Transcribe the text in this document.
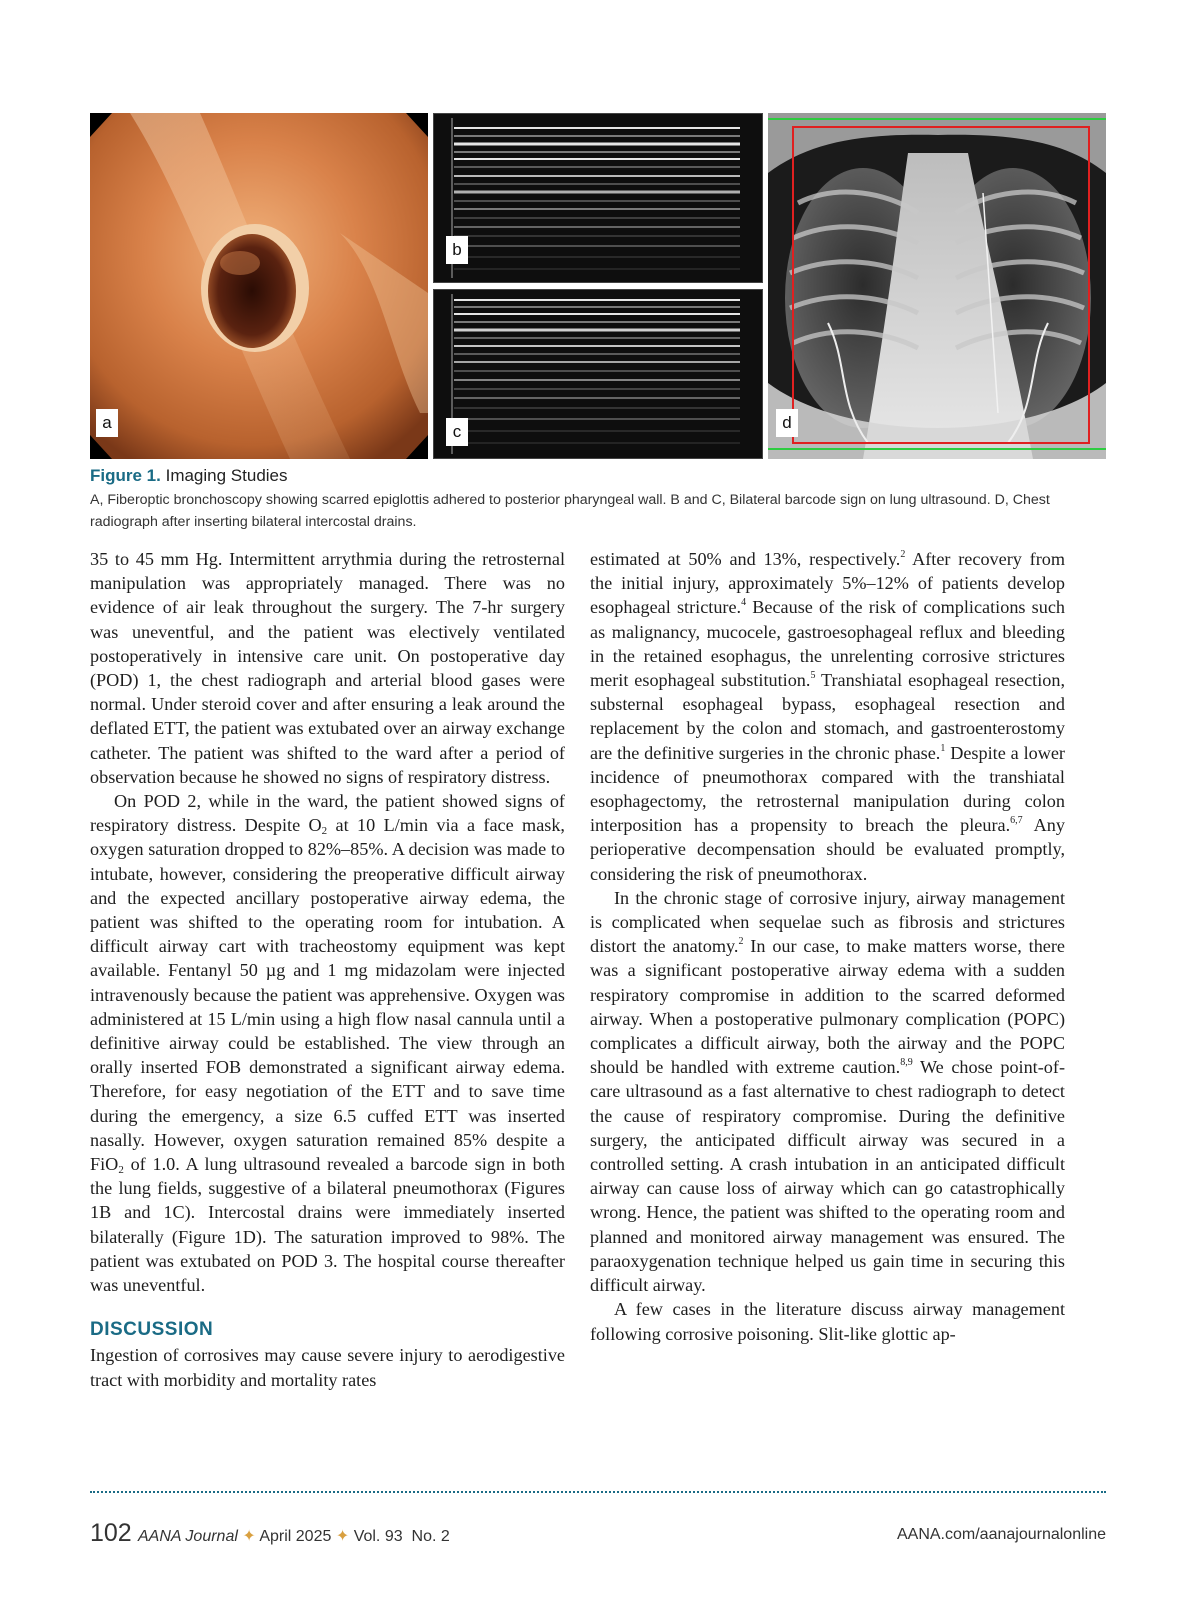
a
b
c	d
Figure 1. Imaging Studies
A, Fiberoptic bronchoscopy showing scarred epiglottis adhered to posterior pharyngeal wall. B and C, Bilateral barcode sign on lung ultrasound. D, Chest radiograph after inserting bilateral intercostal drains.

35 to 45 mm Hg. Intermittent arrythmia during the retrosternal manipulation was appropriately managed. There was no evidence of air leak throughout the surgery. The 7-hr surgery was uneventful, and the patient was electively ventilated postoperatively in intensive care unit. On postoperative day (POD) 1, the chest radiograph and arterial blood gases were normal. Under steroid cover and after ensuring a leak around the deflated ETT, the patient was extubated over an airway exchange catheter. The patient was shifted to the ward after a period of observation because he showed no signs of respiratory distress.

On POD 2, while in the ward, the patient showed signs of respiratory distress. Despite $O_2$ at 10 L/min via a face mask, oxygen saturation dropped to 82%–85%. A decision was made to intubate, however, considering the preoperative difficult airway and the expected ancillary postoperative airway edema, the patient was shifted to the operating room for intubation. A difficult airway cart with tracheostomy equipment was kept available. Fentanyl 50 µg and 1 mg midazolam were injected intravenously because the patient was apprehensive. Oxygen was administered at 15 L/min using a high flow nasal cannula until a definitive airway could be established. The view through an orally inserted FOB demonstrated a significant airway edema. Therefore, for easy negotiation of the ETT and to save time during the emergency, a size 6.5 cuffed ETT was inserted nasally. However, oxygen saturation remained 85% despite a FiO$_2$ of 1.0. A lung ultrasound revealed a barcode sign in both the lung fields, suggestive of a bilateral pneumothorax (Figures 1B and 1C). Intercostal drains were immediately inserted bilaterally (Figure 1D). The saturation improved to 98%. The patient was extubated on POD 3. The hospital course thereafter was uneventful.

DISCUSSION

Ingestion of corrosives may cause severe injury to aerodigestive tract with morbidity and mortality rates

estimated at 50% and 13%, respectively.$^2$ After recovery from the initial injury, approximately 5%–12% of patients develop esophageal stricture.$^4$ Because of the risk of complications such as malignancy, mucocele, gastroesophageal reflux and bleeding in the retained esophagus, the unrelenting corrosive strictures merit esophageal substitution.$^5$ Transhiatal esophageal resection, substernal esophageal bypass, esophageal resection and replacement by the colon and stomach, and gastroenterostomy are the definitive surgeries in the chronic phase.$^1$ Despite a lower incidence of pneumothorax compared with the transhiatal esophagectomy, the retrosternal manipulation during colon interposition has a propensity to breach the pleura.$^{6,7}$ Any perioperative decompensation should be evaluated promptly, considering the risk of pneumothorax.

In the chronic stage of corrosive injury, airway management is complicated when sequelae such as fibrosis and strictures distort the anatomy.$^2$ In our case, to make matters worse, there was a significant postoperative airway edema with a sudden respiratory compromise in addition to the scarred deformed airway. When a postoperative pulmonary complication (POPC) complicates a difficult airway, both the airway and the POPC should be handled with extreme caution.$^{8,9}$ We chose point-of-care ultrasound as a fast alternative to chest radiograph to detect the cause of respiratory compromise. During the definitive surgery, the anticipated difficult airway was secured in a controlled setting. A crash intubation in an anticipated difficult airway can cause loss of airway which can go catastrophically wrong. Hence, the patient was shifted to the operating room and planned and monitored airway management was ensured. The paraoxygenation technique helped us gain time in securing this difficult airway.

A few cases in the literature discuss airway management following corrosive poisoning. Slit-like glottic ap-

102 AANA Journal ✦ April 2025 ✦ Vol. 93  No. 2	AANA.com/aanajournalonline
